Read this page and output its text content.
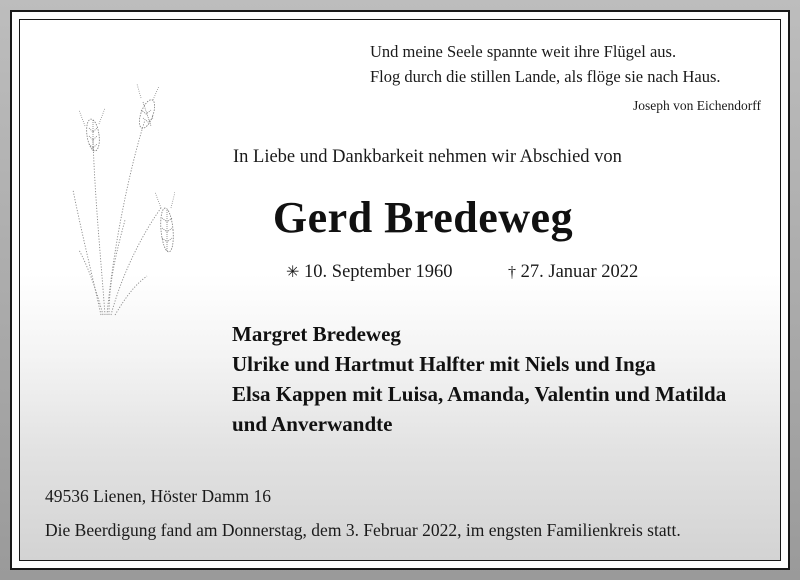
Und meine Seele spannte weit ihre Flügel aus.
Flog durch die stillen Lande, als flöge sie nach Haus.
Joseph von Eichendorff
In Liebe und Dankbarkeit nehmen wir Abschied von
Gerd Bredeweg
✳ 10. September 1960	† 27. Januar 2022
Margret Bredeweg
Ulrike und Hartmut Halfter mit Niels und Inga
Elsa Kappen mit Luisa, Amanda, Valentin und Matilda
und Anverwandte
49536 Lienen, Höster Damm 16
Die Beerdigung fand am Donnerstag, dem 3. Februar 2022, im engsten Familienkreis statt.
